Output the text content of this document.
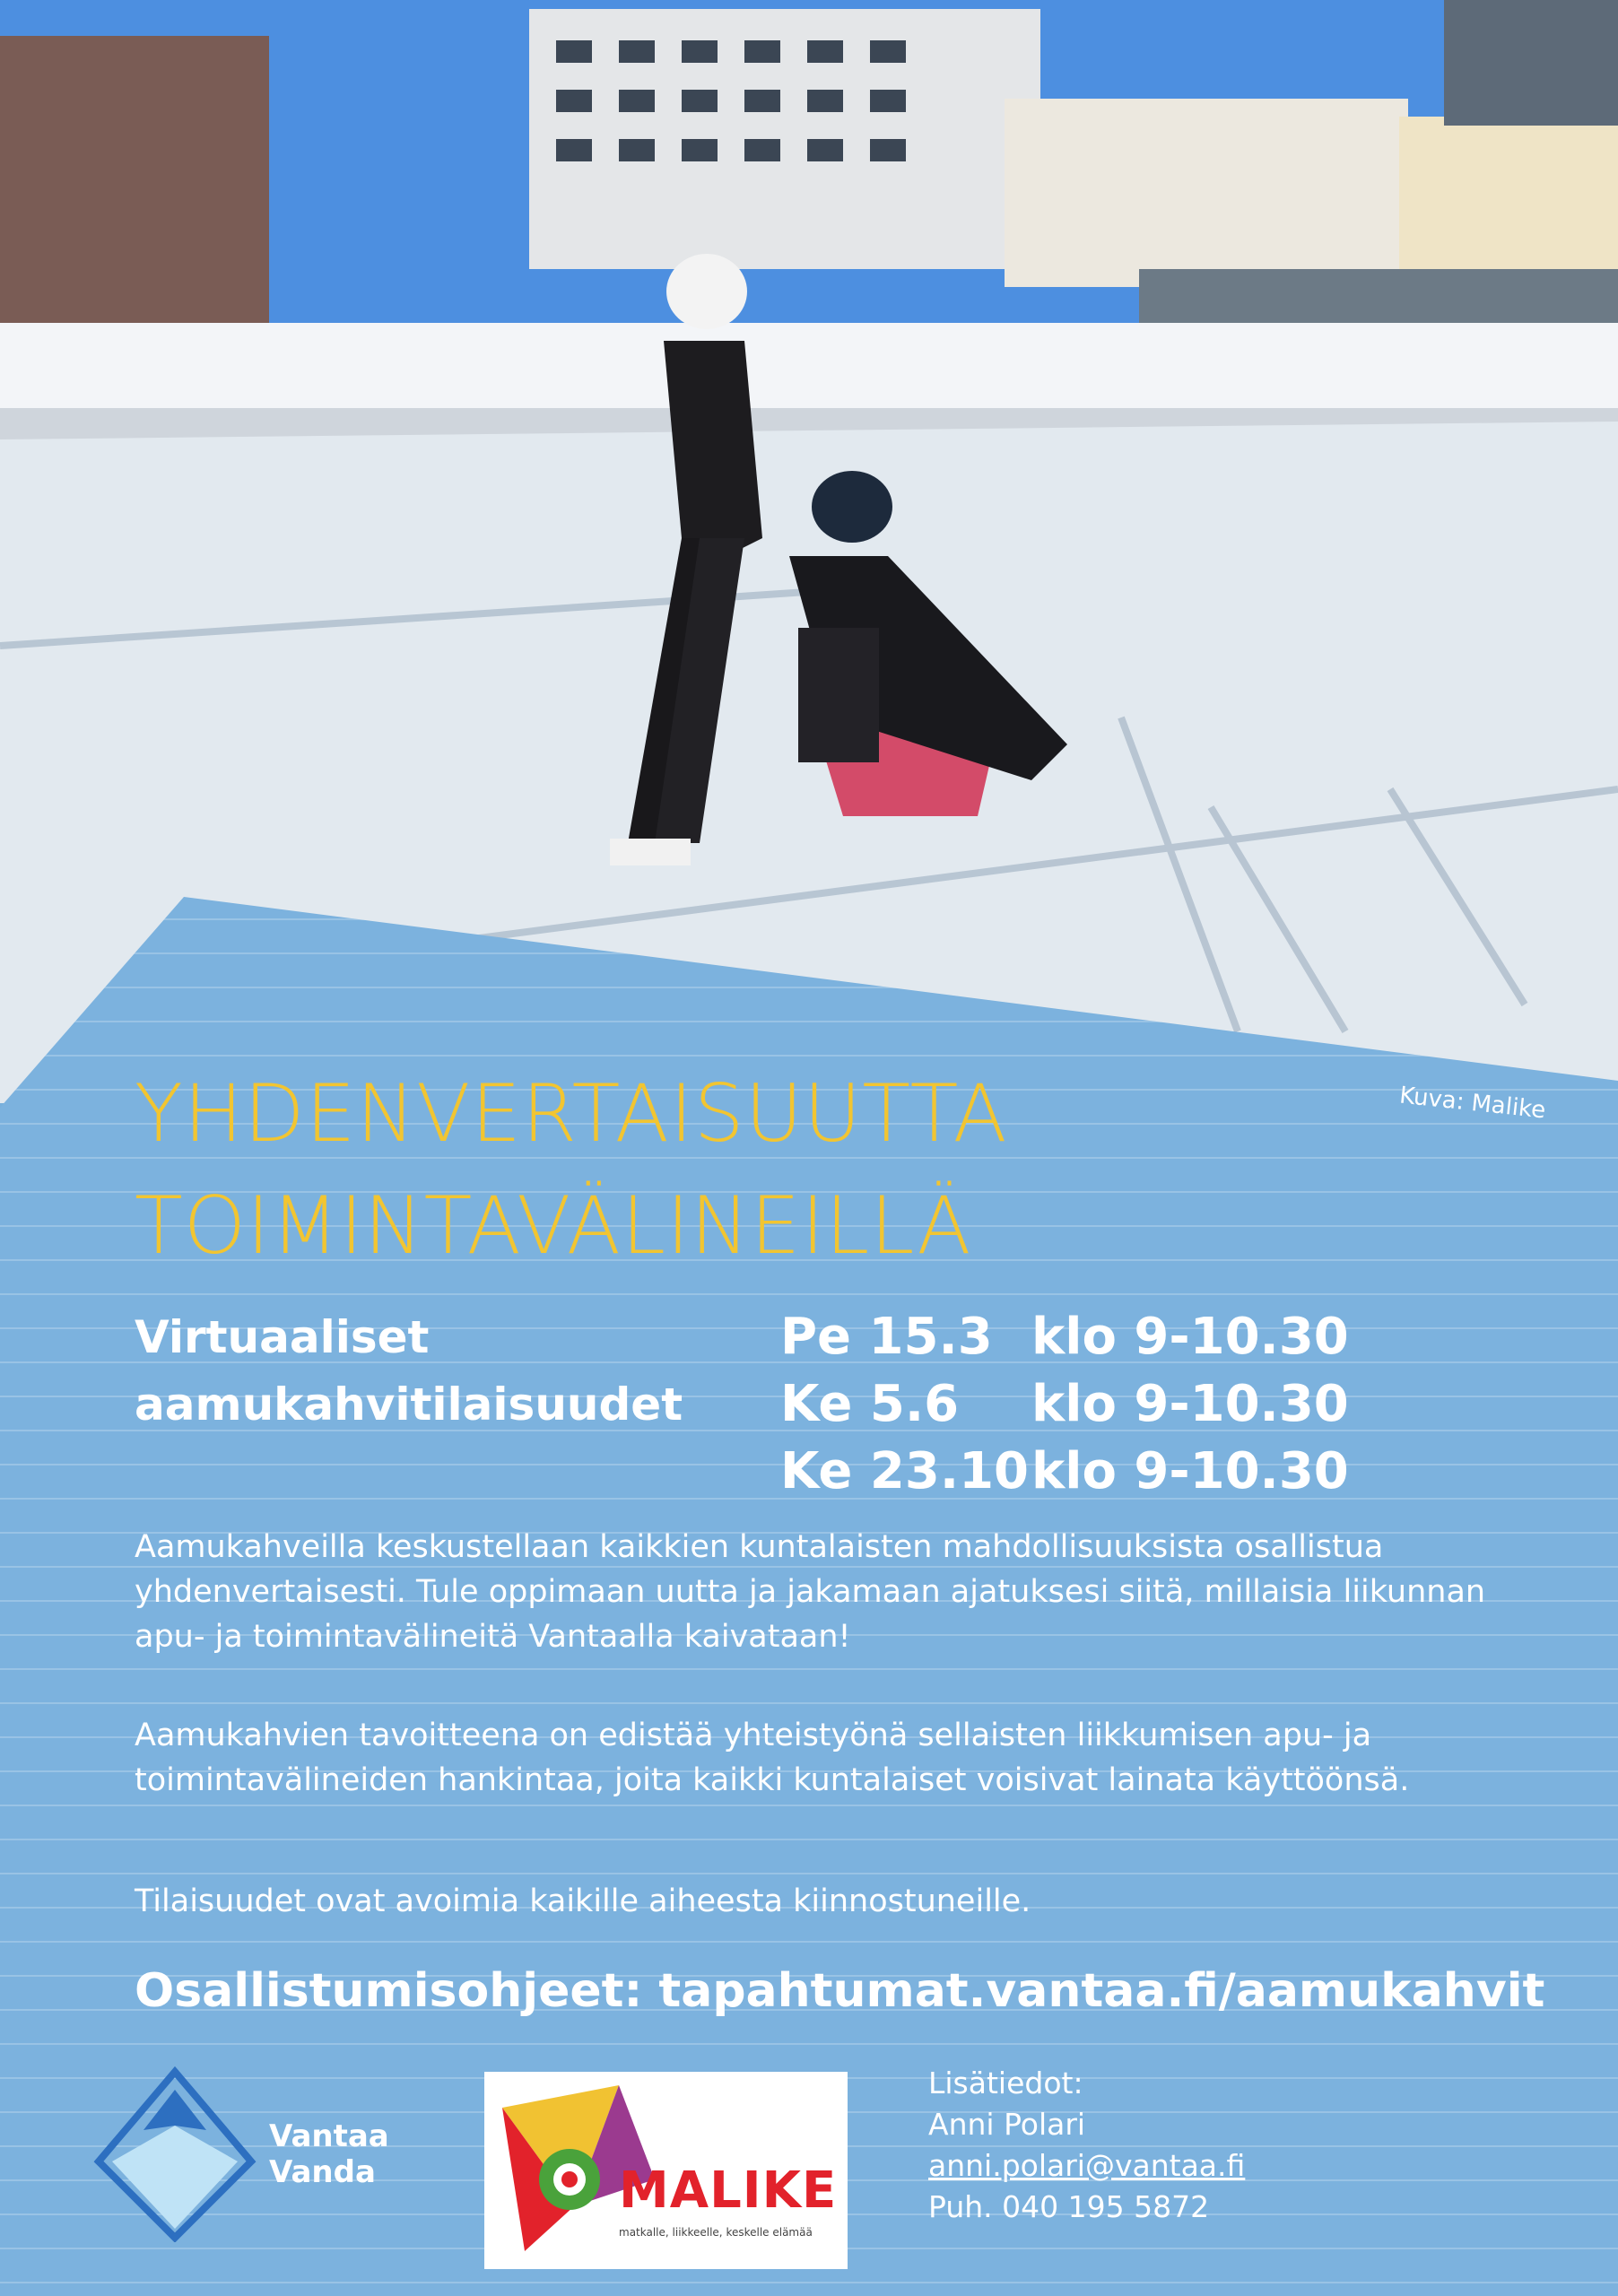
Kuva: Malike
YHDENVERTAISUUTTA
TOIMINTAVÄLINEILLÄ
Virtuaaliset
aamukahvitilaisuudet
Pe 15.3 klo 9-10.30
Ke 5.6 klo 9-10.30
Ke 23.10 klo 9-10.30
Aamukahveilla keskustellaan kaikkien kuntalaisten mahdollisuuksista osallistua yhdenvertaisesti. Tule oppimaan uutta ja jakamaan ajatuksesi siitä, millaisia liikunnan apu- ja toimintavälineitä Vantaalla kaivataan!
Aamukahvien tavoitteena on edistää yhteistyönä sellaisten liikkumisen apu- ja toimintavälineiden hankintaa, joita kaikki kuntalaiset voisivat lainata käyttöönsä.
Tilaisuudet ovat avoimia kaikille aiheesta kiinnostuneille.
Osallistumisohjeet: tapahtumat.vantaa.fi/aamukahvit
Vantaa
Vanda	MALIKE
matkalle, liikkeelle, keskelle elämää
Lisätiedot:
Anni Polari
anni.polari@vantaa.fi
Puh. 040 195 5872
